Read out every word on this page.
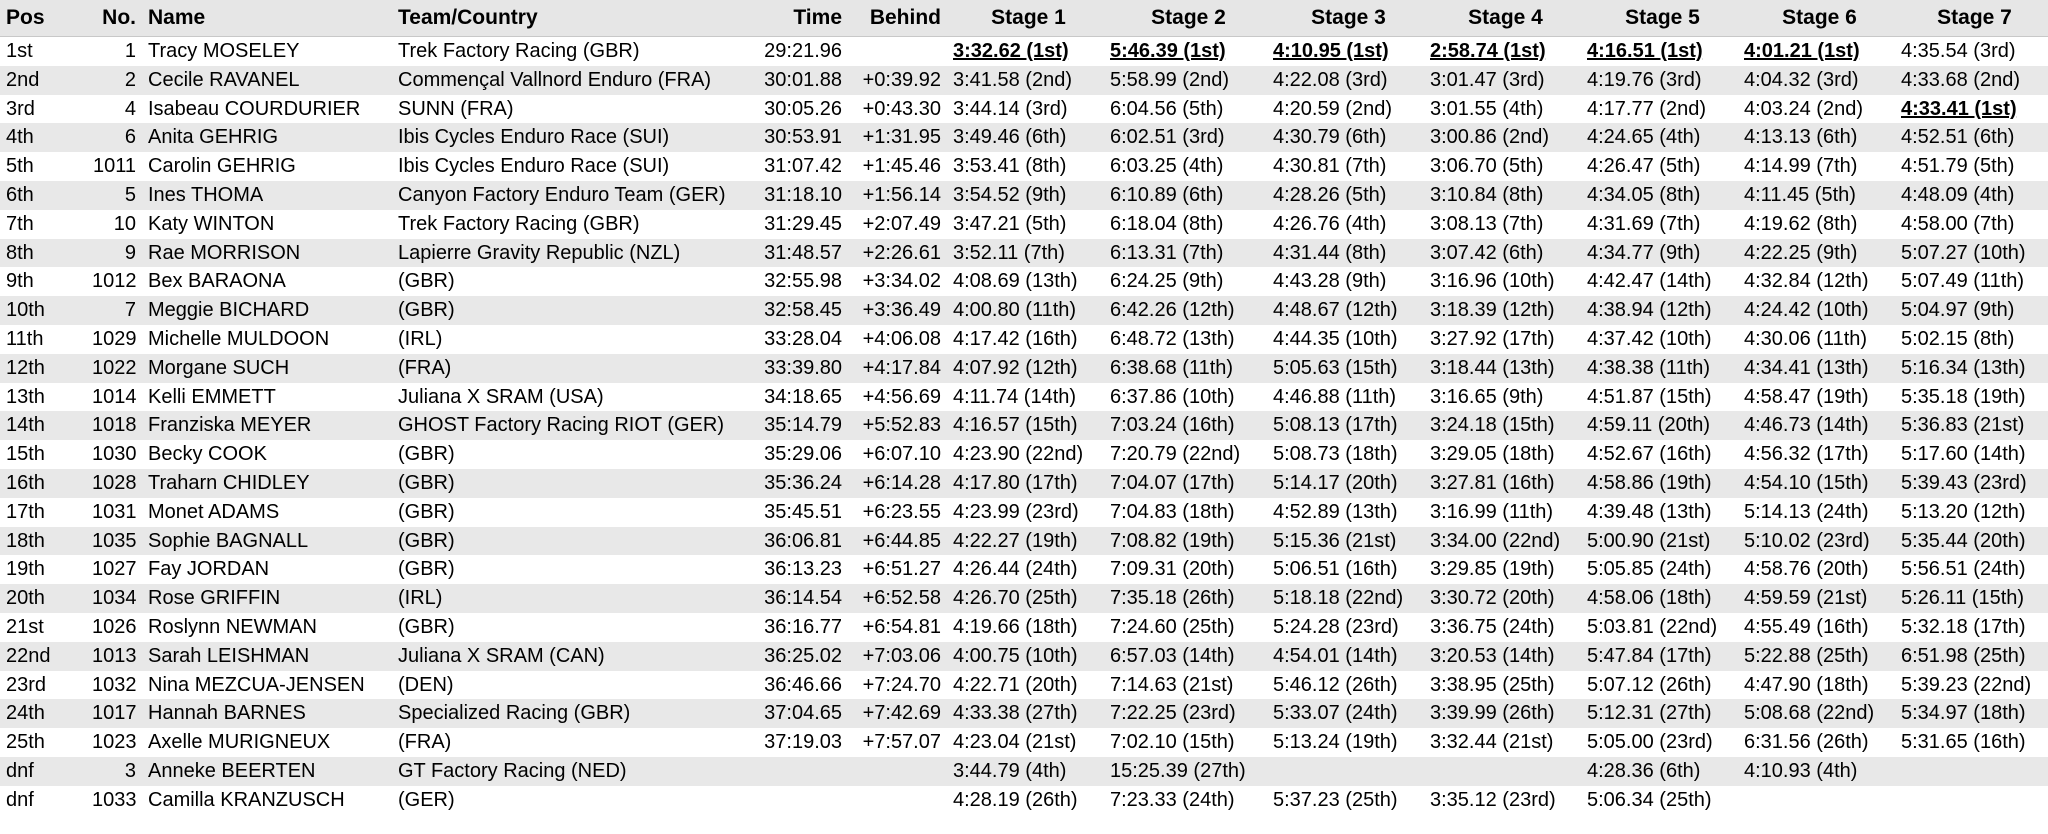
Pos	No.	Name	Team/Country	Time	Behind	Stage 1	Stage 2	Stage 3	Stage 4	Stage 5	Stage 6	Stage 7
1st	1	Tracy MOSELEY	Trek Factory Racing (GBR)	29:21.96		3:32.62 (1st)	5:46.39 (1st)	4:10.95 (1st)	2:58.74 (1st)	4:16.51 (1st)	4:01.21 (1st)	4:35.54 (3rd)
2nd	2	Cecile RAVANEL	Commençal Vallnord Enduro (FRA)	30:01.88	+0:39.92	3:41.58 (2nd)	5:58.99 (2nd)	4:22.08 (3rd)	3:01.47 (3rd)	4:19.76 (3rd)	4:04.32 (3rd)	4:33.68 (2nd)
3rd	4	Isabeau COURDURIER	SUNN (FRA)	30:05.26	+0:43.30	3:44.14 (3rd)	6:04.56 (5th)	4:20.59 (2nd)	3:01.55 (4th)	4:17.77 (2nd)	4:03.24 (2nd)	4:33.41 (1st)
4th	6	Anita GEHRIG	Ibis Cycles Enduro Race (SUI)	30:53.91	+1:31.95	3:49.46 (6th)	6:02.51 (3rd)	4:30.79 (6th)	3:00.86 (2nd)	4:24.65 (4th)	4:13.13 (6th)	4:52.51 (6th)
5th	1011	Carolin GEHRIG	Ibis Cycles Enduro Race (SUI)	31:07.42	+1:45.46	3:53.41 (8th)	6:03.25 (4th)	4:30.81 (7th)	3:06.70 (5th)	4:26.47 (5th)	4:14.99 (7th)	4:51.79 (5th)
6th	5	Ines THOMA	Canyon Factory Enduro Team (GER)	31:18.10	+1:56.14	3:54.52 (9th)	6:10.89 (6th)	4:28.26 (5th)	3:10.84 (8th)	4:34.05 (8th)	4:11.45 (5th)	4:48.09 (4th)
7th	10	Katy WINTON	Trek Factory Racing (GBR)	31:29.45	+2:07.49	3:47.21 (5th)	6:18.04 (8th)	4:26.76 (4th)	3:08.13 (7th)	4:31.69 (7th)	4:19.62 (8th)	4:58.00 (7th)
8th	9	Rae MORRISON	Lapierre Gravity Republic (NZL)	31:48.57	+2:26.61	3:52.11 (7th)	6:13.31 (7th)	4:31.44 (8th)	3:07.42 (6th)	4:34.77 (9th)	4:22.25 (9th)	5:07.27 (10th)
9th	1012	Bex BARAONA	(GBR)	32:55.98	+3:34.02	4:08.69 (13th)	6:24.25 (9th)	4:43.28 (9th)	3:16.96 (10th)	4:42.47 (14th)	4:32.84 (12th)	5:07.49 (11th)
10th	7	Meggie BICHARD	(GBR)	32:58.45	+3:36.49	4:00.80 (11th)	6:42.26 (12th)	4:48.67 (12th)	3:18.39 (12th)	4:38.94 (12th)	4:24.42 (10th)	5:04.97 (9th)
11th	1029	Michelle MULDOON	(IRL)	33:28.04	+4:06.08	4:17.42 (16th)	6:48.72 (13th)	4:44.35 (10th)	3:27.92 (17th)	4:37.42 (10th)	4:30.06 (11th)	5:02.15 (8th)
12th	1022	Morgane SUCH	(FRA)	33:39.80	+4:17.84	4:07.92 (12th)	6:38.68 (11th)	5:05.63 (15th)	3:18.44 (13th)	4:38.38 (11th)	4:34.41 (13th)	5:16.34 (13th)
13th	1014	Kelli EMMETT	Juliana X SRAM (USA)	34:18.65	+4:56.69	4:11.74 (14th)	6:37.86 (10th)	4:46.88 (11th)	3:16.65 (9th)	4:51.87 (15th)	4:58.47 (19th)	5:35.18 (19th)
14th	1018	Franziska MEYER	GHOST Factory Racing RIOT (GER)	35:14.79	+5:52.83	4:16.57 (15th)	7:03.24 (16th)	5:08.13 (17th)	3:24.18 (15th)	4:59.11 (20th)	4:46.73 (14th)	5:36.83 (21st)
15th	1030	Becky COOK	(GBR)	35:29.06	+6:07.10	4:23.90 (22nd)	7:20.79 (22nd)	5:08.73 (18th)	3:29.05 (18th)	4:52.67 (16th)	4:56.32 (17th)	5:17.60 (14th)
16th	1028	Traharn CHIDLEY	(GBR)	35:36.24	+6:14.28	4:17.80 (17th)	7:04.07 (17th)	5:14.17 (20th)	3:27.81 (16th)	4:58.86 (19th)	4:54.10 (15th)	5:39.43 (23rd)
17th	1031	Monet ADAMS	(GBR)	35:45.51	+6:23.55	4:23.99 (23rd)	7:04.83 (18th)	4:52.89 (13th)	3:16.99 (11th)	4:39.48 (13th)	5:14.13 (24th)	5:13.20 (12th)
18th	1035	Sophie BAGNALL	(GBR)	36:06.81	+6:44.85	4:22.27 (19th)	7:08.82 (19th)	5:15.36 (21st)	3:34.00 (22nd)	5:00.90 (21st)	5:10.02 (23rd)	5:35.44 (20th)
19th	1027	Fay JORDAN	(GBR)	36:13.23	+6:51.27	4:26.44 (24th)	7:09.31 (20th)	5:06.51 (16th)	3:29.85 (19th)	5:05.85 (24th)	4:58.76 (20th)	5:56.51 (24th)
20th	1034	Rose GRIFFIN	(IRL)	36:14.54	+6:52.58	4:26.70 (25th)	7:35.18 (26th)	5:18.18 (22nd)	3:30.72 (20th)	4:58.06 (18th)	4:59.59 (21st)	5:26.11 (15th)
21st	1026	Roslynn NEWMAN	(GBR)	36:16.77	+6:54.81	4:19.66 (18th)	7:24.60 (25th)	5:24.28 (23rd)	3:36.75 (24th)	5:03.81 (22nd)	4:55.49 (16th)	5:32.18 (17th)
22nd	1013	Sarah LEISHMAN	Juliana X SRAM (CAN)	36:25.02	+7:03.06	4:00.75 (10th)	6:57.03 (14th)	4:54.01 (14th)	3:20.53 (14th)	5:47.84 (17th)	5:22.88 (25th)	6:51.98 (25th)
23rd	1032	Nina MEZCUA-JENSEN	(DEN)	36:46.66	+7:24.70	4:22.71 (20th)	7:14.63 (21st)	5:46.12 (26th)	3:38.95 (25th)	5:07.12 (26th)	4:47.90 (18th)	5:39.23 (22nd)
24th	1017	Hannah BARNES	Specialized Racing (GBR)	37:04.65	+7:42.69	4:33.38 (27th)	7:22.25 (23rd)	5:33.07 (24th)	3:39.99 (26th)	5:12.31 (27th)	5:08.68 (22nd)	5:34.97 (18th)
25th	1023	Axelle MURIGNEUX	(FRA)	37:19.03	+7:57.07	4:23.04 (21st)	7:02.10 (15th)	5:13.24 (19th)	3:32.44 (21st)	5:05.00 (23rd)	6:31.56 (26th)	5:31.65 (16th)
dnf	3	Anneke BEERTEN	GT Factory Racing (NED)			3:44.79 (4th)	15:25.39 (27th)			4:28.36 (6th)	4:10.93 (4th)	
dnf	1033	Camilla KRANZUSCH	(GER)			4:28.19 (26th)	7:23.33 (24th)	5:37.23 (25th)	3:35.12 (23rd)	5:06.34 (25th)		
